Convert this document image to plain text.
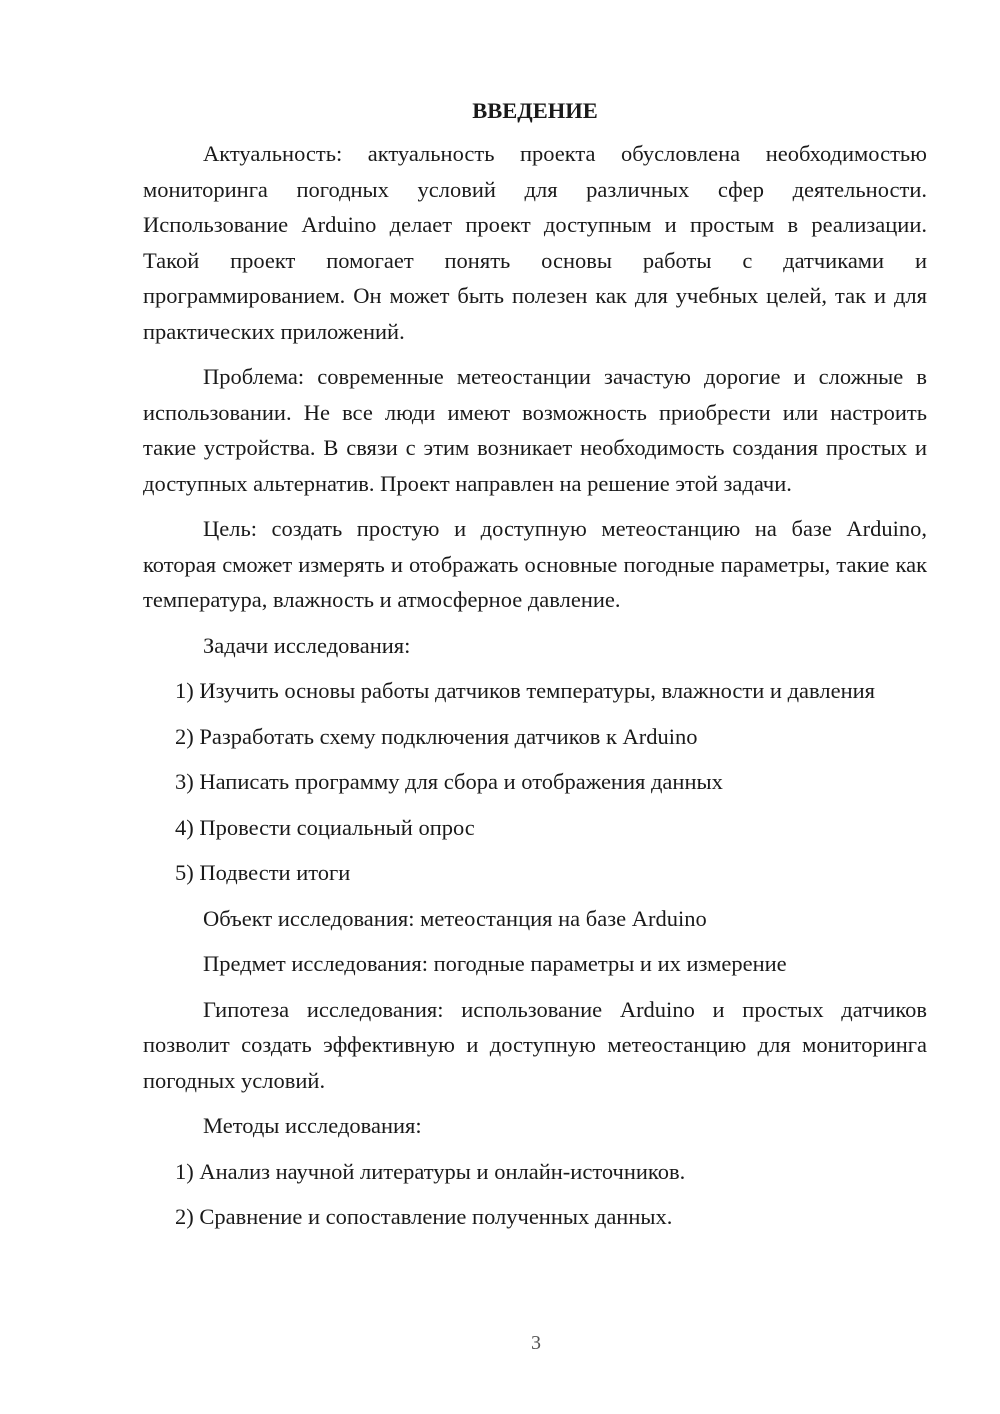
ВВЕДЕНИЕ

Актуальность: актуальность проекта обусловлена необходимостью мониторинга погодных условий для различных сфер деятельности. Использование Arduino делает проект доступным и простым в реализации. Такой проект помогает понять основы работы с датчиками и программированием. Он может быть полезен как для учебных целей, так и для практических приложений.

Проблема: современные метеостанции зачастую дорогие и сложные в использовании. Не все люди имеют возможность приобрести или настроить такие устройства. В связи с этим возникает необходимость создания простых и доступных альтернатив. Проект направлен на решение этой задачи.

Цель: создать простую и доступную метеостанцию на базе Arduino, которая сможет измерять и отображать основные погодные параметры, такие как температура, влажность и атмосферное давление.

Задачи исследования:

1) Изучить основы работы датчиков температуры, влажности и давления

2) Разработать схему подключения датчиков к Arduino

3) Написать программу для сбора и отображения данных

4) Провести социальный опрос

5) Подвести итоги

Объект исследования: метеостанция на базе Arduino

Предмет исследования: погодные параметры и их измерение

Гипотеза исследования: использование Arduino и простых датчиков позволит создать эффективную и доступную метеостанцию для мониторинга погодных условий.

Методы исследования:

1) Анализ научной литературы и онлайн-источников.

2) Сравнение и сопоставление полученных данных.

3
